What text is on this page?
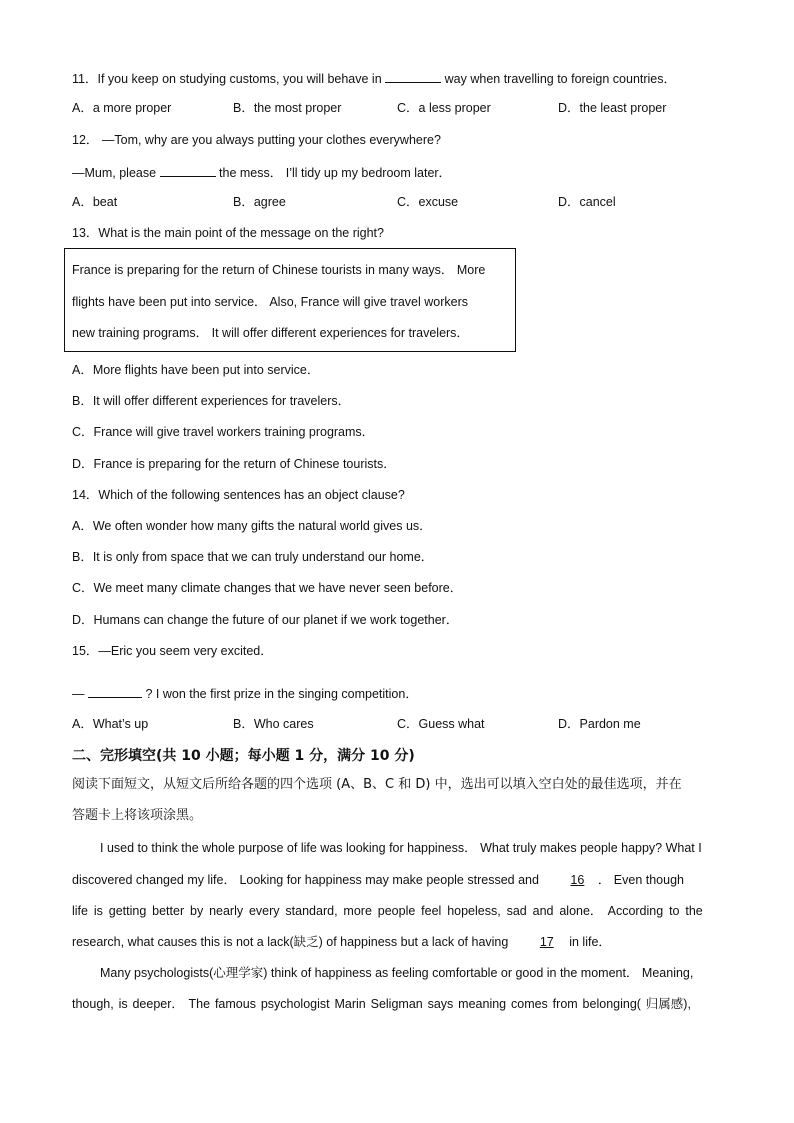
11．If you keep on studying customs, you will behave in	way when travelling to foreign countries．
A．a more proper	B．the most proper	C．a less proper	D．the least proper
12． —Tom, why are you always putting your clothes everywhere?
—Mum, please	the mess． I’ll tidy up my bedroom later．
A．beat	B．agree	C．excuse	D．cancel
13．What is the main point of the message on the right?
France is preparing for the return of Chinese tourists in many ways． More
flights have been put into service． Also, France will give travel workers
new training programs． It will offer different experiences for travelers．
A．More flights have been put into service．
B．It will offer different experiences for travelers．
C．France will give travel workers training programs．
D．France is preparing for the return of Chinese tourists．
14．Which of the following sentences has an object clause?
A．We often wonder how many gifts the natural world gives us．
B．It is only from space that we can truly understand our home．
C．We meet many climate changes that we have never seen before．
D．Humans can change the future of our planet if we work together．
15．—Eric you seem very excited．
—	? I won the first prize in the singing competition．
A．What’s up	B．Who cares	C．Guess what	D．Pardon me
二、完形填空(共 10 小题；每小题 1 分，满分 10 分)
阅读下面短文，从短文后所给各题的四个选项 (A、B、C 和 D) 中，选出可以填入空白处的最佳选项，并在
答题卡上将该项涂黑。
I used to think the whole purpose of life was looking for happiness． What truly makes people happy? What I
discovered changed my life． Looking for happiness may make people stressed and	16 ． Even though
life is getting better by nearly every standard, more people feel hopeless, sad and alone． According to the
research, what causes this is not a lack(缺乏) of happiness but a lack of having	17 in life．
Many psychologists(心理学家) think of happiness as feeling comfortable or good in the moment． Meaning,
though, is deeper． The famous psychologist Marin Seligman says meaning comes from belonging( 归属感),
